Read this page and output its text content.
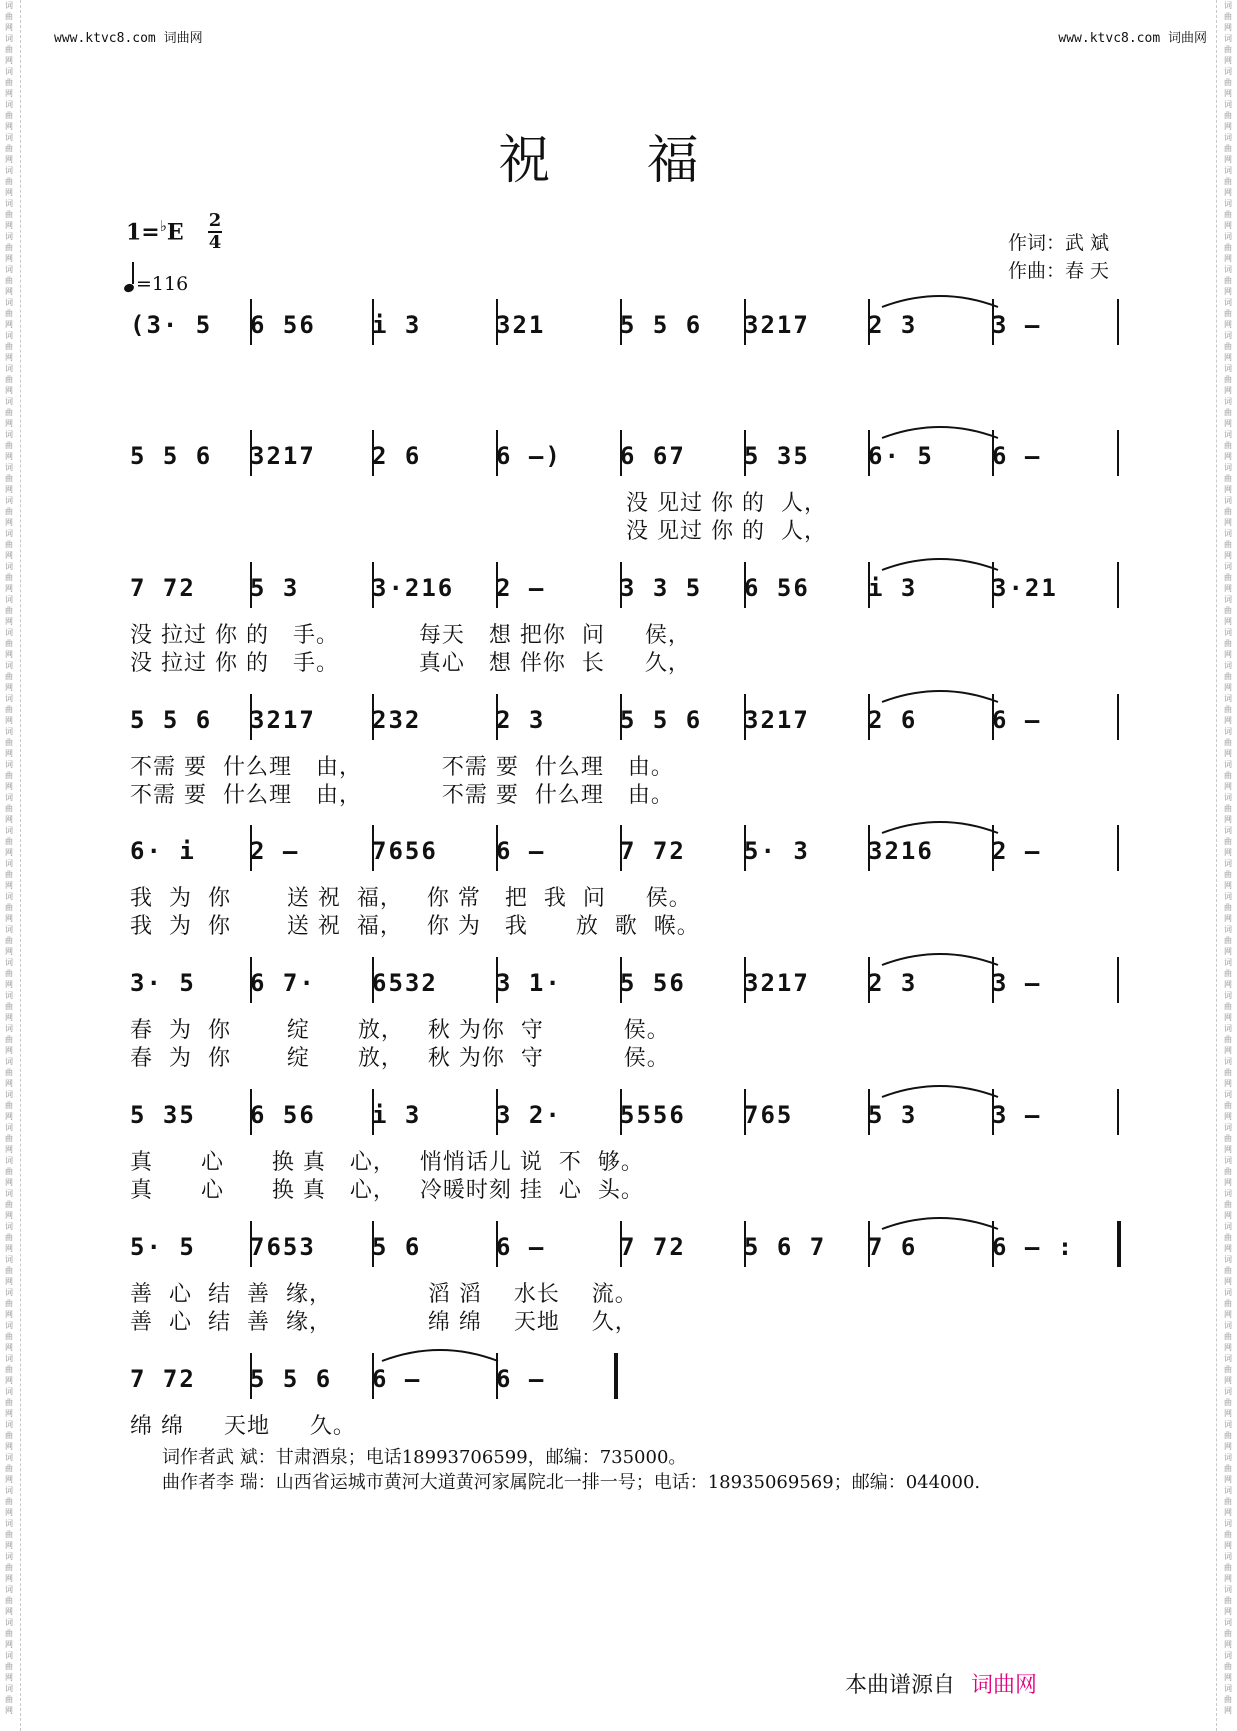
词曲网
词曲网
词曲网
词曲网
词曲网
词曲网
词曲网
词曲网
词曲网
词曲网
词曲网
词曲网
词曲网
词曲网
词曲网
词曲网
词曲网
词曲网
词曲网
词曲网
词曲网
词曲网
词曲网
词曲网
词曲网
词曲网
词曲网
词曲网
词曲网
词曲网
词曲网
词曲网
词曲网
词曲网
词曲网
词曲网
词曲网
词曲网
词曲网
词曲网
词曲网
词曲网
词曲网
词曲网
词曲网
词曲网
词曲网
词曲网
词曲网
词曲网
词曲网
词曲网
词曲网
词曲网
词曲网
词曲网
词曲网
词曲网
词曲网
词曲网
词曲网
词曲网
词曲网
词曲网
词曲网
词曲网
词曲网
词曲网
词曲网
词曲网
词曲网
词曲网
词曲网
词曲网
词曲网
词曲网
词曲网
词曲网
词曲网
词曲网
词曲网
词曲网
词曲网
词曲网
词曲网
词曲网
词曲网
词曲网
词曲网
词曲网
词曲网
词曲网
词曲网
词曲网
词曲网
词曲网
词曲网
词曲网
词曲网
词曲网
词曲网
词曲网
词曲网
词曲网
www.ktvc8.com 词曲网	www.ktvc8.com 词曲网
祝 福
1=♭E 2
4
=116
作词：武 斌
作曲：春 天
(3· 5 6 56 i 3	321	5 5 6 3217 2 3	3 –
5 5 6 3217 2 6	6 –) 6 67 5 35 6· 5 6 –
没 见过 你 的  人，
没 见过 你 的  人，
7 72 5 3	3·216 2 –	3 3 5 6 56 i 3	3·21
没 拉过 你 的   手。          每天   想 把你  问     侯，
没 拉过 你 的   手。          真心   想 伴你  长     久，
5 5 6 3217 232	2 3	5 5 6 3217 2 6	6 –
不需 要  什么理   由，          不需 要  什么理   由。
不需 要  什么理   由，          不需 要  什么理   由。
6· i 2 –	7656 6 –	7 72 5· 3 3216 2 –
我  为  你       送 祝  福，   你 常   把  我  问     侯。
我  为  你       送 祝  福，   你 为   我      放  歌  喉。
3· 5 6 7· 6532 3 1· 5 56 3217 2 3	3 –
春  为  你       绽      放，   秋 为你  守          侯。
春  为  你       绽      放，   秋 为你  守          侯。
5 35 6 56 i 3	3 2· 5556 765	5 3	3 –
真      心      换 真   心，   悄悄话儿 说  不  够。
真      心      换 真   心，   冷暖时刻 挂  心  头。
5· 5 7653 5 6	6 –	7 72 5 6 7 7 6	6 – :
善  心  结  善  缘，            滔 滔    水长    流。
善  心  结  善  缘，            绵 绵    天地    久，
7 72 5 5 6 6 –	6 –
绵 绵     天地     久。
词作者武 斌：甘肃酒泉；电话18993706599，邮编：735000。
曲作者李 瑞：山西省运城市黄河大道黄河家属院北一排一号；电话：18935069569；邮编：044000.
本曲谱源自 词曲网
